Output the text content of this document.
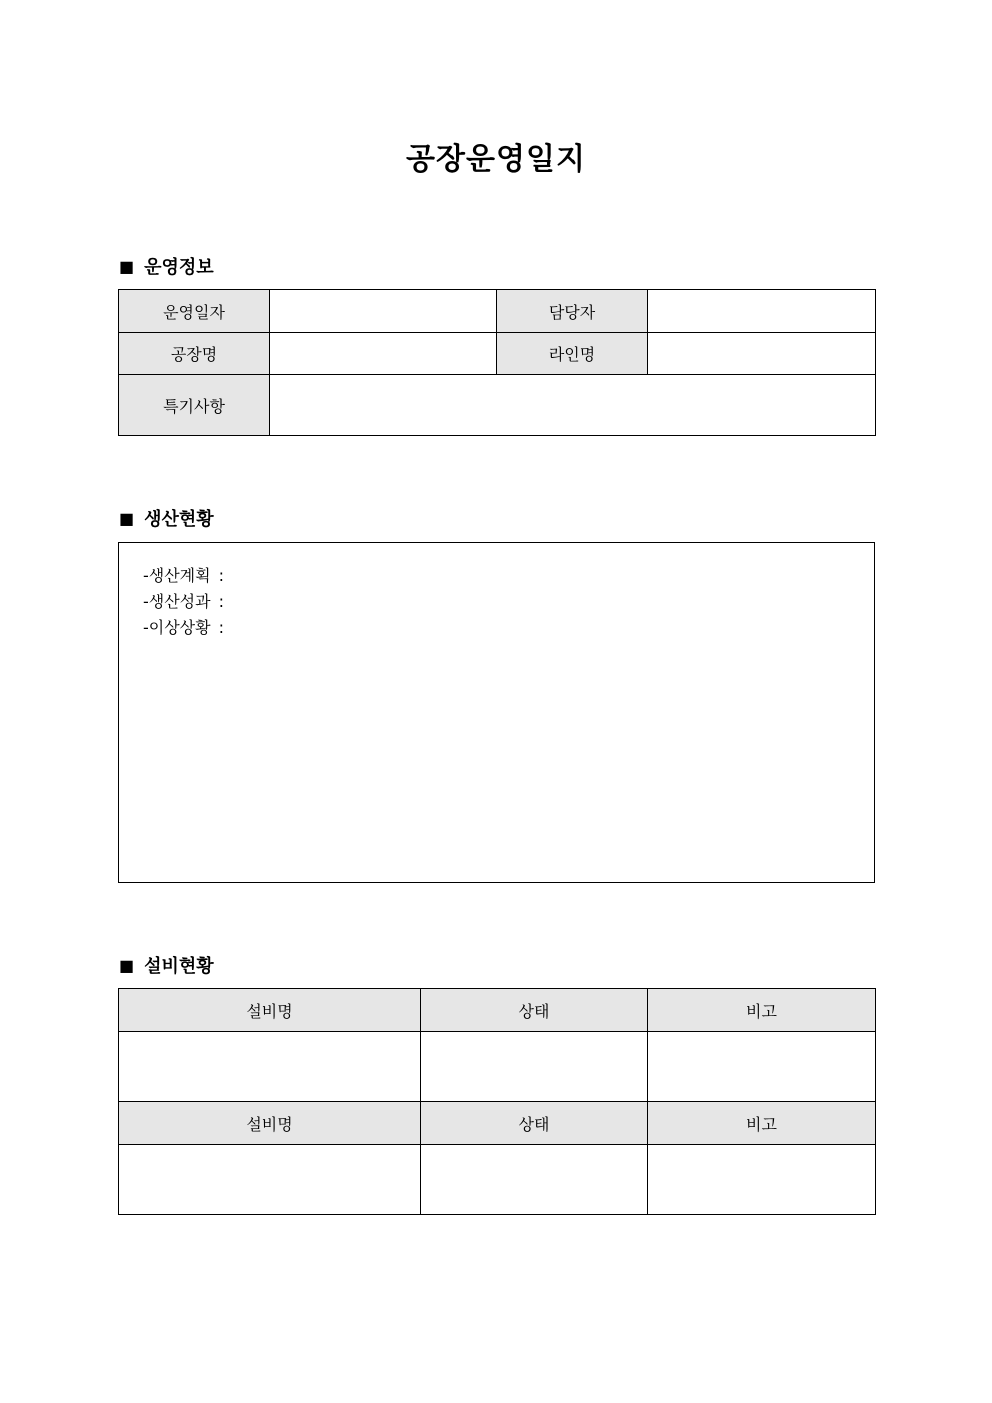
공장운영일지
■ 운영정보
운영일자		담당자	
공장명		라인명	
특기사항			
■ 생산현황
-생산계획 :
-생산성과 :
-이상상황 :
■ 설비현황
설비명	상태	비고

설비명	상태	비고
